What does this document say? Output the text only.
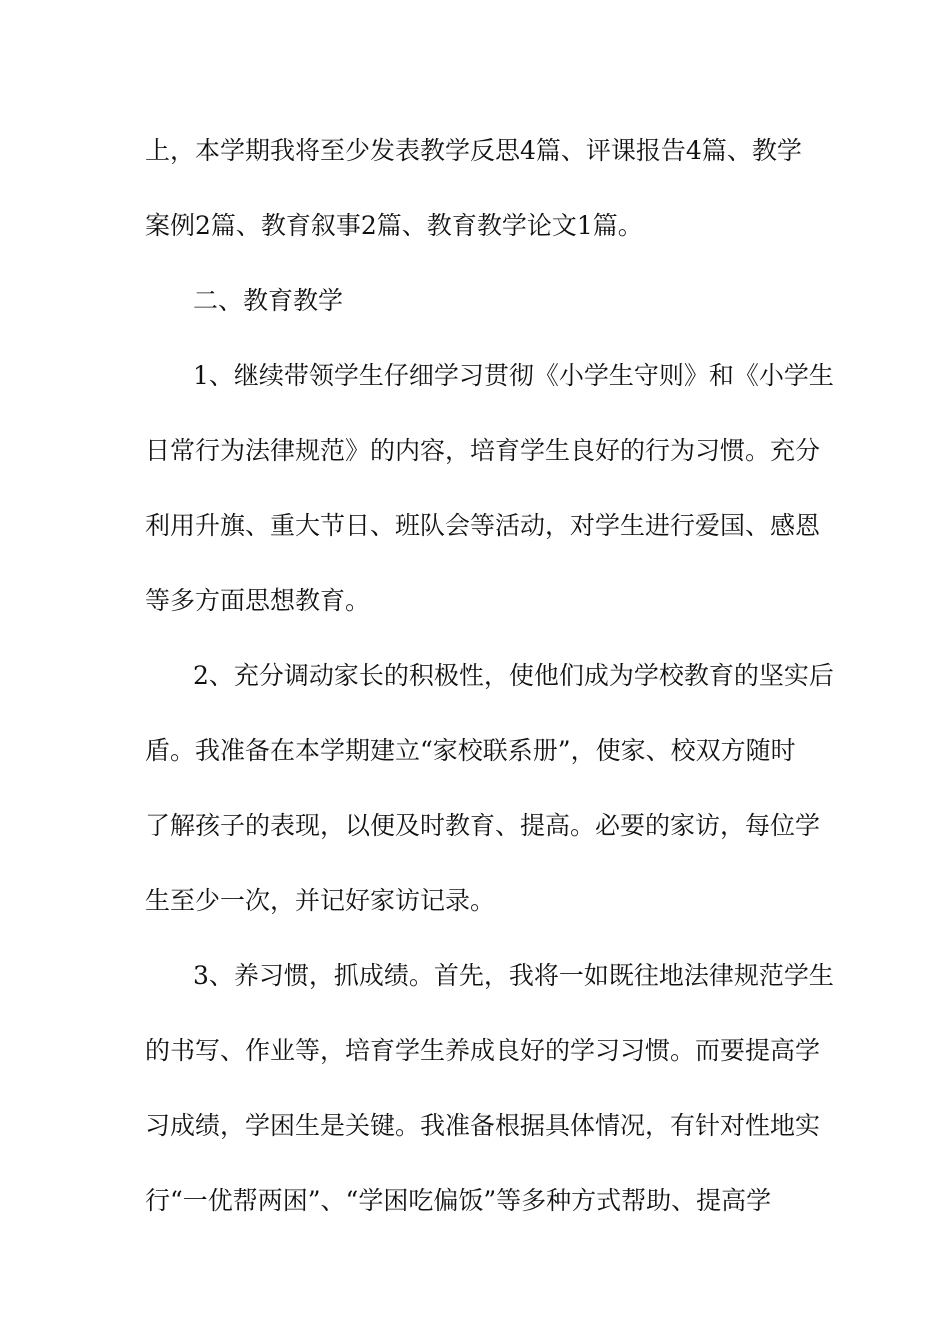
上，本学期我将至少发表教学反思4篇、评课报告4篇、教学
案例2篇、教育叙事2篇、教育教学论文1篇。
二、教育教学
1、继续带领学生仔细学习贯彻《小学生守则》和《小学生
日常行为法律规范》的内容，培育学生良好的行为习惯。充分
利用升旗、重大节日、班队会等活动，对学生进行爱国、感恩
等多方面思想教育。
2、充分调动家长的积极性，使他们成为学校教育的坚实后
盾。我准备在本学期建立“家校联系册”，使家、校双方随时
了解孩子的表现，以便及时教育、提高。必要的家访，每位学
生至少一次，并记好家访记录。
3、养习惯，抓成绩。首先，我将一如既往地法律规范学生
的书写、作业等，培育学生养成良好的学习习惯。而要提高学
习成绩，学困生是关键。我准备根据具体情况，有针对性地实
行“一优帮两困”、“学困吃偏饭”等多种方式帮助、提高学
